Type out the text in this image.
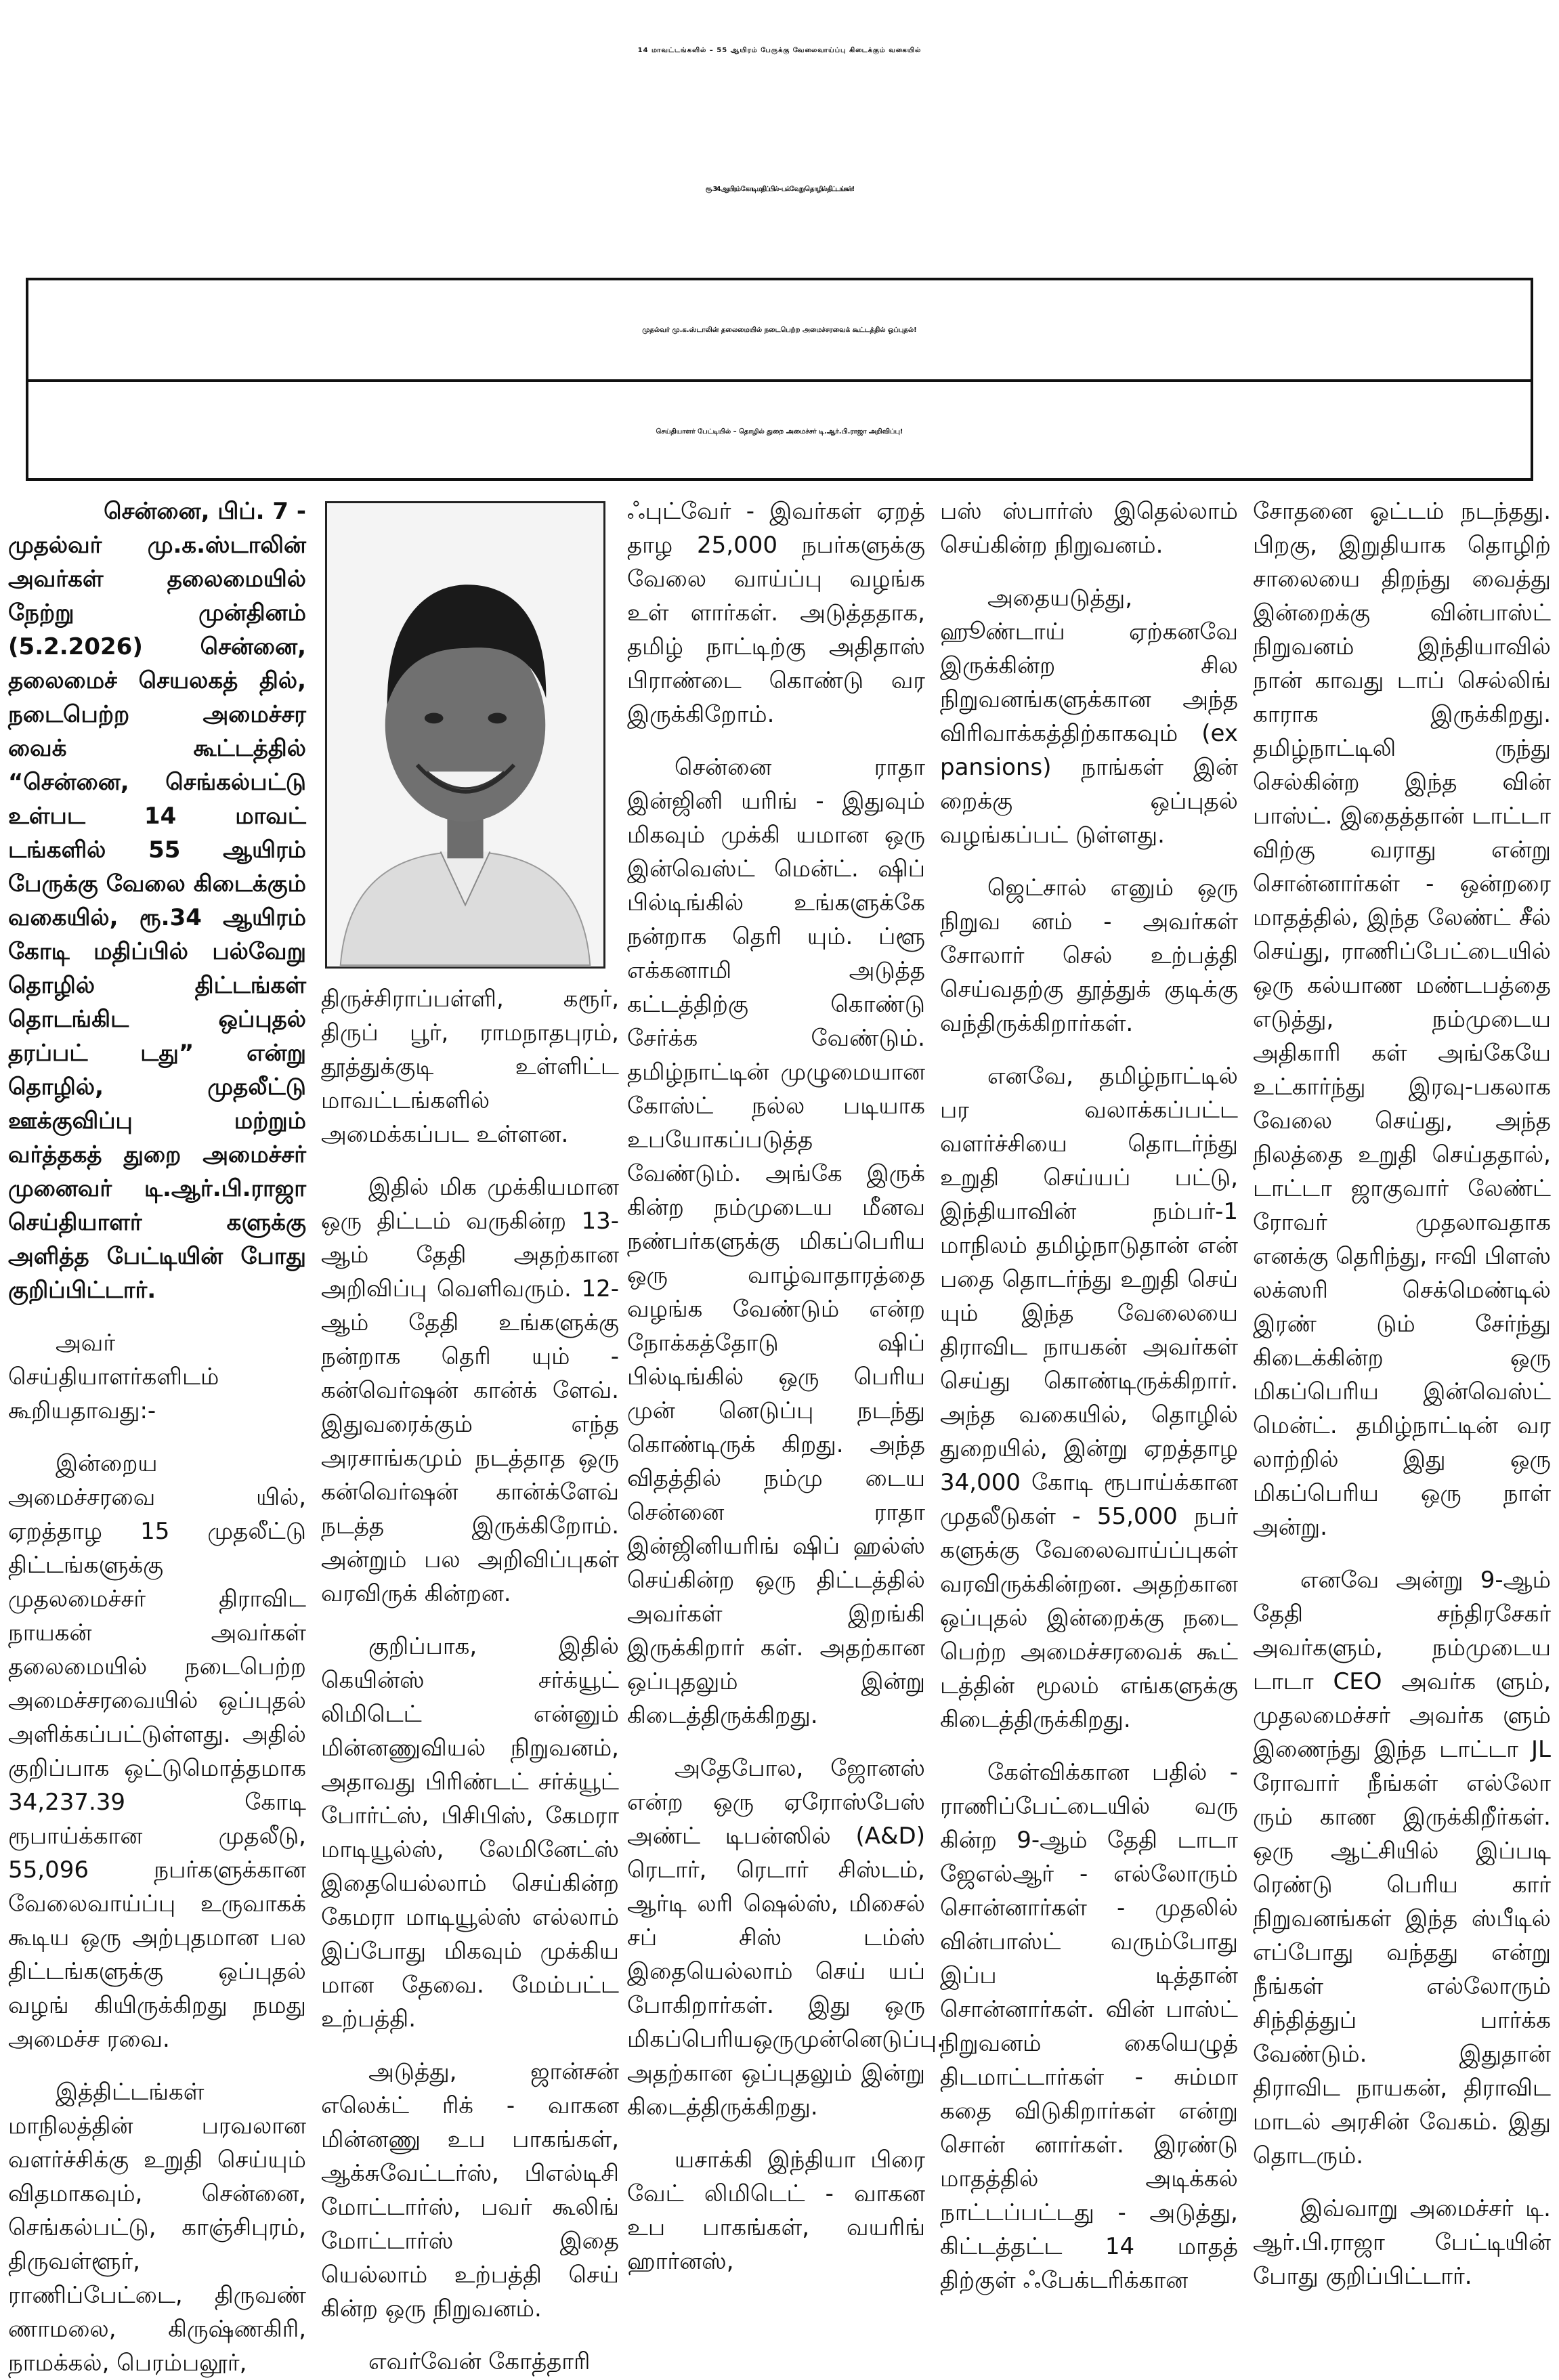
14 மாவட்டங்களில் – 55 ஆயிரம் பேருக்கு வேலைவாய்ப்பு கிடைக்கும் வகையில்
ரூ. 34 ஆயிரம் கோடி மதிப்பில் - பல்வேறு தொழில் திட்டங்கள்!
முதல்வர் மு.க.ஸ்டாலின் தலைமையில் நடைபெற்ற அமைச்சரவைக் கூட்டத்தில் ஒப்புதல்!
செய்தியாளர் பேட்டியில் – தொழில் துறை அமைச்சர் டி.ஆர்.பி.ராஜா அறிவிப்பு!

சென்னை, பிப். 7 -
முதல்வர் மு.க.ஸ்டாலின் அவர்கள் தலைமையில் நேற்று முன்தினம் (5.2.2026) சென்னை, தலைமைச் செயலகத் தில், நடைபெற்ற அமைச்சர வைக் கூட்டத்தில் “சென்னை, செங்கல்பட்டு உள்பட 14 மாவட் டங்களில் 55 ஆயிரம் பேருக்கு வேலை கிடைக்கும் வகையில், ரூ.34 ஆயிரம் கோடி மதிப்பில் பல்வேறு தொழில் திட்டங்கள் தொடங்கிட ஒப்புதல் தரப்பட் டது” என்று தொழில், முதலீட்டு ஊக்குவிப்பு மற்றும் வர்த்தகத் துறை அமைச்சர் முனைவர் டி.ஆர்.பி.ராஜா செய்தியாளர் களுக்கு அளித்த பேட்டியின் போது குறிப்பிட்டார்.

அவர் செய்தியாளர்களிடம் கூறியதாவது:-

இன்றைய அமைச்சரவை யில், ஏறத்தாழ 15 முதலீட்டு திட்டங்களுக்கு முதலமைச்சர் திராவிட நாயகன் அவர்கள் தலைமையில் நடைபெற்ற அமைச்சரவையில் ஒப்புதல் அளிக்கப்பட்டுள்ளது. அதில் குறிப்பாக ஒட்டுமொத்தமாக 34,237.39 கோடி ரூபாய்க்கான முதலீடு, 55,096 நபர்களுக்கான வேலைவாய்ப்பு உருவாகக் கூடிய ஒரு அற்புதமான பல திட்டங்களுக்கு ஒப்புதல் வழங் கியிருக்கிறது நமது அமைச்ச ரவை.

இத்திட்டங்கள் மாநிலத்தின் பரவலான வளர்ச்சிக்கு உறுதி செய்யும் விதமாகவும், சென்னை, செங்கல்பட்டு, காஞ்சிபுரம், திருவள்ளூர், ராணிப்பேட்டை, திருவண் ணாமலை, கிருஷ்ணகிரி, நாமக்கல், பெரம்பலூர்,

திருச்சிராப்பள்ளி, கரூர், திருப் பூர், ராமநாதபுரம், தூத்துக்குடி உள்ளிட்ட மாவட்டங்களில் அமைக்கப்பட உள்ளன.

இதில் மிக முக்கியமான ஒரு திட்டம் வருகின்ற 13-ஆம் தேதி அதற்கான அறிவிப்பு வெளிவரும். 12-ஆம் தேதி உங்களுக்கு நன்றாக தெரி யும் - கன்வெர்ஷன் கான்க் ளேவ். இதுவரைக்கும் எந்த அரசாங்கமும் நடத்தாத ஒரு கன்வெர்ஷன் கான்க்ளேவ் நடத்த இருக்கிறோம். அன்றும் பல அறிவிப்புகள் வரவிருக் கின்றன.

குறிப்பாக, இதில் கெயின்ஸ் சர்க்யூட் லிமிடெட் என்னும் மின்னணுவியல் நிறுவனம், அதாவது பிரிண்டட் சர்க்யூட் போர்ட்ஸ், பிசிபிஸ், கேமரா மாடியூல்ஸ், லேமினேட்ஸ் இதையெல்லாம் செய்கின்ற கேமரா மாடியூல்ஸ் எல்லாம் இப்போது மிகவும் முக்கிய மான தேவை. மேம்பட்ட உற்பத்தி.

அடுத்து, ஜான்சன் எலெக்ட் ரிக் - வாகன மின்னணு உப பாகங்கள், ஆக்சுவேட்டர்ஸ், பிஎல்டிசி மோட்டார்ஸ், பவர் கூலிங் மோட்டார்ஸ் இதை யெல்லாம் உற்பத்தி செய் கின்ற ஒரு நிறுவனம்.

எவர்வேன் கோத்தாரி

ஃபுட்வேர் - இவர்கள் ஏறத் தாழ 25,000 நபர்களுக்கு வேலை வாய்ப்பு வழங்க உள் ளார்கள். அடுத்ததாக, தமிழ் நாட்டிற்கு அதிதாஸ் பிராண்டை கொண்டு வர இருக்கிறோம்.

சென்னை ராதா இன்ஜினி யரிங் - இதுவும் மிகவும் முக்கி யமான ஒரு இன்வெஸ்ட் மென்ட். ஷிப் பில்டிங்கில் உங்களுக்கே நன்றாக தெரி யும். ப்ளூ எக்கனாமி அடுத்த கட்டத்திற்கு கொண்டு சேர்க்க வேண்டும். தமிழ்நாட்டின் முழுமையான கோஸ்ட் நல்ல படியாக உபயோகப்படுத்த வேண்டும். அங்கே இருக் கின்ற நம்முடைய மீனவ நண்பர்களுக்கு மிகப்பெரிய ஒரு வாழ்வாதாரத்தை வழங்க வேண்டும் என்ற நோக்கத்தோடு ஷிப் பில்டிங்கில் ஒரு பெரிய முன் னெடுப்பு நடந்து கொண்டிருக் கிறது. அந்த விதத்தில் நம்மு டைய சென்னை ராதா இன்ஜினியரிங் ஷிப் ஹல்ஸ் செய்கின்ற ஒரு திட்டத்தில் அவர்கள் இறங்கி இருக்கிறார் கள். அதற்கான ஒப்புதலும் இன்று கிடைத்திருக்கிறது.

அதேபோல, ஜோனஸ் என்ற ஒரு ஏரோஸ்பேஸ் அண்ட் டிபன்ஸில் (A&D) ரெடார், ரெடார் சிஸ்டம், ஆர்டி லரி ஷெல்ஸ், மிசைல் சப் சிஸ் டம்ஸ் இதையெல்லாம் செய் யப் போகிறார்கள். இது ஒரு மிகப்பெரியஒருமுன்னெடுப்பு. அதற்கான ஒப்புதலும் இன்று கிடைத்திருக்கிறது.

யசாக்கி இந்தியா பிரை வேட் லிமிடெட் - வாகன உப பாகங்கள், வயரிங் ஹார்னஸ்,

பஸ் ஸ்பார்ஸ் இதெல்லாம் செய்கின்ற நிறுவனம்.

அதையடுத்து, ஹூண்டாய் ஏற்கனவே இருக்கின்ற சில நிறுவனங்களுக்கான அந்த விரிவாக்கத்திற்காகவும் (ex pansions) நாங்கள் இன் றைக்கு ஒப்புதல் வழங்கப்பட் டுள்ளது.

ஜெட்சால் எனும் ஒரு நிறுவ னம் - அவர்கள் சோலார் செல் உற்பத்தி செய்வதற்கு தூத்துக் குடிக்கு வந்திருக்கிறார்கள்.

எனவே, தமிழ்நாட்டில் பர வலாக்கப்பட்ட வளர்ச்சியை தொடர்ந்து உறுதி செய்யப் பட்டு, இந்தியாவின் நம்பர்-1 மாநிலம் தமிழ்நாடுதான் என் பதை தொடர்ந்து உறுதி செய் யும் இந்த வேலையை திராவிட நாயகன் அவர்கள் செய்து கொண்டிருக்கிறார். அந்த வகையில், தொழில் துறையில், இன்று ஏறத்தாழ 34,000 கோடி ரூபாய்க்கான முதலீடுகள் - 55,000 நபர் களுக்கு வேலைவாய்ப்புகள் வரவிருக்கின்றன. அதற்கான ஒப்புதல் இன்றைக்கு நடை பெற்ற அமைச்சரவைக் கூட் டத்தின் மூலம் எங்களுக்கு கிடைத்திருக்கிறது.

கேள்விக்கான பதில் - ராணிப்பேட்டையில் வரு கின்ற 9-ஆம் தேதி டாடா ஜேஎல்ஆர் - எல்லோரும் சொன்னார்கள் - முதலில் வின்பாஸ்ட் வரும்போது இப்ப டித்தான் சொன்னார்கள். வின் பாஸ்ட் நிறுவனம் கையெழுத் திடமாட்டார்கள் - சும்மா கதை விடுகிறார்கள் என்று சொன் னார்கள். இரண்டு மாதத்தில் அடிக்கல் நாட்டப்பட்டது - அடுத்து, கிட்டத்தட்ட 14 மாதத் திற்குள் ஃபேக்டரிக்கான

சோதனை ஓட்டம் நடந்தது. பிறகு, இறுதியாக தொழிற் சாலையை திறந்து வைத்து இன்றைக்கு வின்பாஸ்ட் நிறுவனம் இந்தியாவில் நான் காவது டாப் செல்லிங் காராக இருக்கிறது. தமிழ்நாட்டிலி ருந்து செல்கின்ற இந்த வின் பாஸ்ட். இதைத்தான் டாட்டா விற்கு வராது என்று சொன்னார்கள் - ஒன்றரை மாதத்தில், இந்த லேண்ட் சீல் செய்து, ராணிப்பேட்டையில் ஒரு கல்யாண மண்டபத்தை எடுத்து, நம்முடைய அதிகாரி கள் அங்கேயே உட்கார்ந்து இரவு-பகலாக வேலை செய்து, அந்த நிலத்தை உறுதி செய்ததால், டாட்டா ஜாகுவார் லேண்ட் ரோவர் முதலாவதாக எனக்கு தெரிந்து, ஈவி பிளஸ் லக்ஸரி செக்மெண்டில் இரண் டும் சேர்ந்து கிடைக்கின்ற ஒரு மிகப்பெரிய இன்வெஸ்ட் மென்ட். தமிழ்நாட்டின் வர லாற்றில் இது ஒரு மிகப்பெரிய ஒரு நாள் அன்று.

எனவே அன்று 9-ஆம் தேதி சந்திரசேகர் அவர்களும், நம்முடைய டாடா CEO அவர்க ளும், முதலமைச்சர் அவர்க ளும் இணைந்து இந்த டாட்டா JL ரோவார் நீங்கள் எல்லோ ரும் காண இருக்கிறீர்கள். ஒரு ஆட்சியில் இப்படி ரெண்டு பெரிய கார் நிறுவனங்கள் இந்த ஸ்பீடில் எப்போது வந்தது என்று நீங்கள் எல்லோரும் சிந்தித்துப் பார்க்க வேண்டும். இதுதான் திராவிட நாயகன், திராவிட மாடல் அரசின் வேகம். இது தொடரும்.

இவ்வாறு அமைச்சர் டி. ஆர்.பி.ராஜா பேட்டியின் போது குறிப்பிட்டார்.
